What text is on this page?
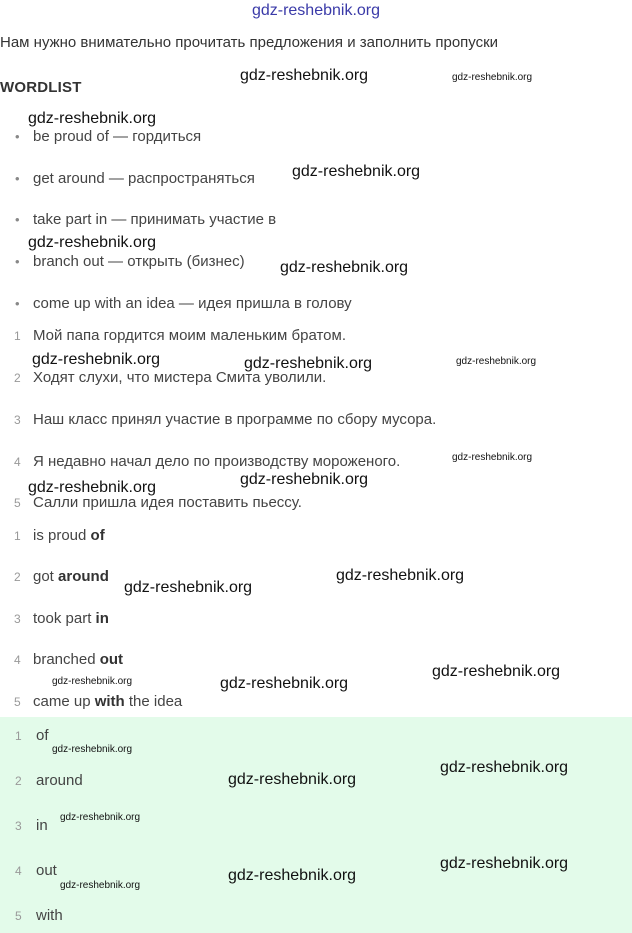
gdz-reshebnik.org
Нам нужно внимательно прочитать предложения и заполнить пропуски
WORDLIST
• be proud of — гордиться
• get around — распространяться
• take part in — принимать участие в
• branch out — открыть (бизнес)
• come up with an idea — идея пришла в голову
1 Мой папа гордится моим маленьким братом.
2 Ходят слухи, что мистера Смита уволили.
3 Наш класс принял участие в программе по сбору мусора.
4 Я недавно начал дело по производству мороженого.
5 Салли пришла идея поставить пьессу.
1 is proud of
2 got around
3 took part in
4 branched out
5 came up with the idea
1 of
2 around
3 in
4 out
5 with
gdz-reshebnik.org	gdz-reshebnik.org
gdz-reshebnik.org
gdz-reshebnik.org
gdz-reshebnik.org
gdz-reshebnik.org
gdz-reshebnik.org	gdz-reshebnik.org	gdz-reshebnik.org
gdz-reshebnik.org
gdz-reshebnik.org
gdz-reshebnik.org
gdz-reshebnik.org
gdz-reshebnik.org
gdz-reshebnik.org
gdz-reshebnik.org	gdz-reshebnik.org
gdz-reshebnik.org
gdz-reshebnik.org
gdz-reshebnik.org
gdz-reshebnik.org
gdz-reshebnik.org
gdz-reshebnik.org
gdz-reshebnik.org
